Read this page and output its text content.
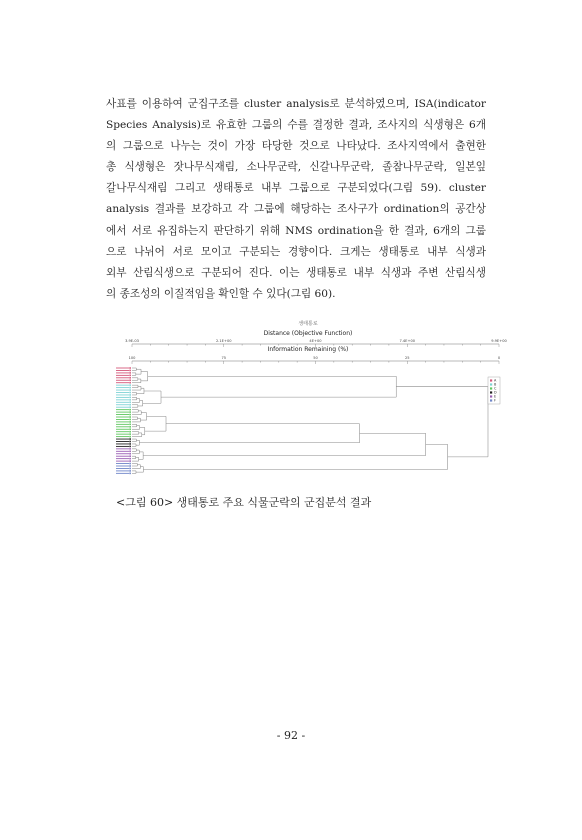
사표를 이용하여 군집구조를 cluster analysis로 분석하였으며, ISA(indicator
Species Analysis)로 유효한 그룹의 수를 결정한 결과, 조사지의 식생형은 6개
의 그룹으로 나누는 것이 가장 타당한 것으로 나타났다. 조사지역에서 출현한
총 식생형은 잣나무식재림, 소나무군락, 신갈나무군락, 졸참나무군락, 일본잎
갈나무식재림 그리고 생태통로 내부 그룹으로 구분되었다(그림 59). cluster
analysis 결과를 보강하고 각 그룹에 해당하는 조사구가 ordination의 공간상
에서 서로 유집하는지 판단하기 위해 NMS ordination을 한 결과, 6개의 그룹
으로 나뉘어 서로 모이고 구분되는 경향이다. 크게는 생태통로 내부 식생과
외부 산림식생으로 구분되어 진다. 이는 생태통로 내부 식생과 주변 산림식생
의 종조성의 이질적임을 확인할 수 있다(그림 60).
생태통로
Distance (Objective Function)
Information Remaining (%)
3.9E-03	2.1E+00	4E+00	7.4E+00	9.9E+00
100	75	50	25	0
A
B
C
D
E
F
<그림 60> 생태통로 주요 식물군락의 군집분석 결과
- 92 -
